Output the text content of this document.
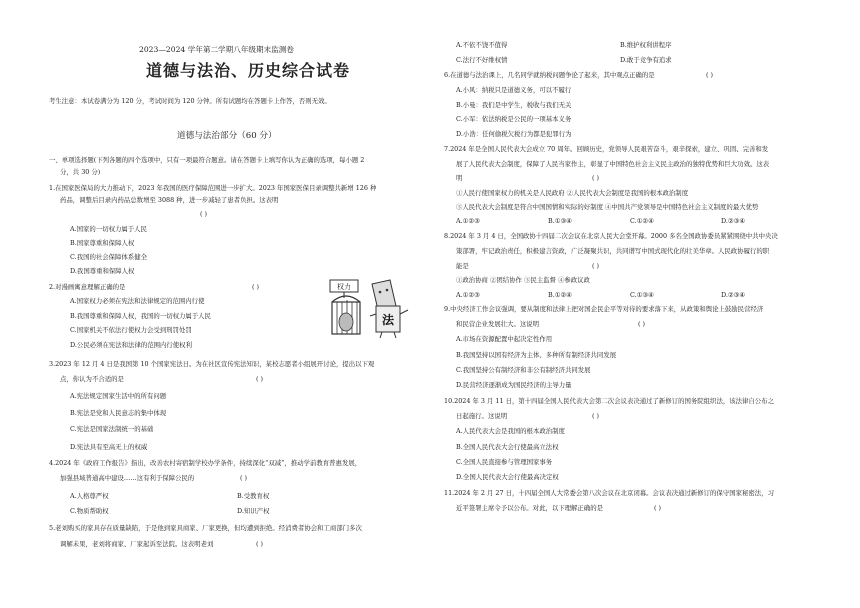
2023—2024 学年第二学期八年级期末监测卷
道德与法治、历史综合试卷
考生注意：本试卷满分为 120 分，考试时间为 120 分钟。所有试题均在答题卡上作答，否则无效。
道德与法治部分（60 分）
一、单项选择题(下列各题的四个选项中，只有一项最符合题意。请在答题卡上填写你认为正确的选项，每小题 2
分，共 30 分)
1.在国家医保局的大力推动下，2023 年我国的医疗保障范围进一步扩大。2023 年国家医保目录调整共新增 126 种
药品，调整后目录内药品总数增至 3088 种，进一步减轻了患者负担。这表明
( )
A.国家的一切权力属于人民
B.国家尊重和保障人权
C.我国的社会保障体系健全
D.我国尊重和保障人权
2.对漫画寓意理解正确的是	( )
A.国家权力必须在宪法和法律规定的范围内行使
B.我国尊重和保障人权，我国的一切权力属于人民
C.国家机关不依法行使权力会受到刑罚处罚
D.公民必须在宪法和法律的范围内行使权利
权力
法
3.2023 年 12 月 4 日是我国第 10 个国家宪法日。为在社区宣传宪法知识，某校志愿者小组展开讨论，提出以下观
点，你认为不合适的是	( )
A.宪法规定国家生活中的所有问题
B.宪法是党和人民意志的集中体现
C.宪法是国家法制统一的基础
D.宪法具有至高无上的权威
4.2024 年《政府工作报告》指出，改善农村寄宿制学校办学条件，持续深化“双减”，推动学前教育普惠发展，
加强县域普通高中建设……这有利于保障公民的	( )
A.人格尊严权	B.受教育权
C.物质帮助权	D.知识产权
5.老刘购买的家具存在质量缺陷，于是他到家具商家、厂家更换，但均遭到拒绝。经消费者协会和工商部门多次
调解未果，老刘将商家、厂家起诉至法院。这表明老刘	( )
A.不依不饶不值得	B.维护权利讲程序
C.法行不好维权情	D.敢于竞争有追求
6.在道德与法治课上，几名同学就纳税问题争论了起来，其中观点正确的是	( )
A.小风：纳税只是道德义务，可以不履行
B.小曼：我们是中学生，税收与我们无关
C.小军：依法纳税是公民的一项基本义务
D.小浩：任何偷税欠税行为都是犯罪行为
7.2024 年是全国人民代表大会成立 70 周年。回顾历史，党领导人民艰苦奋斗，艰辛探索，建立、巩固、完善和发
展了人民代表大会制度，保障了人民当家作主，彰显了中国特色社会主义民主政治的独特优势和巨大功效。这表
明	( )
①人民行使国家权力的机关是人民政府 ②人民代表大会制度是我国的根本政治制度
③人民代表大会制度是符合中国国情和实际的好制度 ④中国共产党领导是中国特色社会主义制度的最大优势
A.①②③	B.①③④	C.①②④	D.②③④
8.2024 年 3 月 4 日，全国政协十四届二次会议在北京人民大会堂开幕。2000 多名全国政协委员紧紧围绕中共中央决
策部署，牢记政治责任，积极建言资政，广泛凝聚共识，共同谱写中国式现代化的壮美华章。人民政协履行的职
能是	( )
①政治协商 ②团结协作 ③民主监督 ④参政议政
A.①②③	B.①②④	C.①③④	D.②③④
9.中央经济工作会议强调，要从制度和法律上把对国企民企平等对待的要求落下来，从政策和舆论上鼓励民营经济
和民营企业发展壮大。这说明	( )
A.市场在资源配置中起决定性作用
B.我国坚持以国有经济为主体、多种所有制经济共同发展
C.我国坚持公有制经济和非公有制经济共同发展
D.民营经济逐渐成为国民经济的主导力量
10.2024 年 3 月 11 日，第十四届全国人民代表大会第二次会议表决通过了新修订的国务院组织法，该法律自公布之
日起施行。这说明	( )
A.人民代表大会是我国的根本政治制度
B.全国人民代表大会行使最高立法权
C.全国人民直接参与管理国家事务
D.全国人民代表大会行使最高决定权
11.2024 年 2 月 27 日，十四届全国人大常委会第八次会议在北京闭幕。会议表决通过新修订的保守国家秘密法，习
近平签署主席令予以公布。对此，以下理解正确的是	( )
